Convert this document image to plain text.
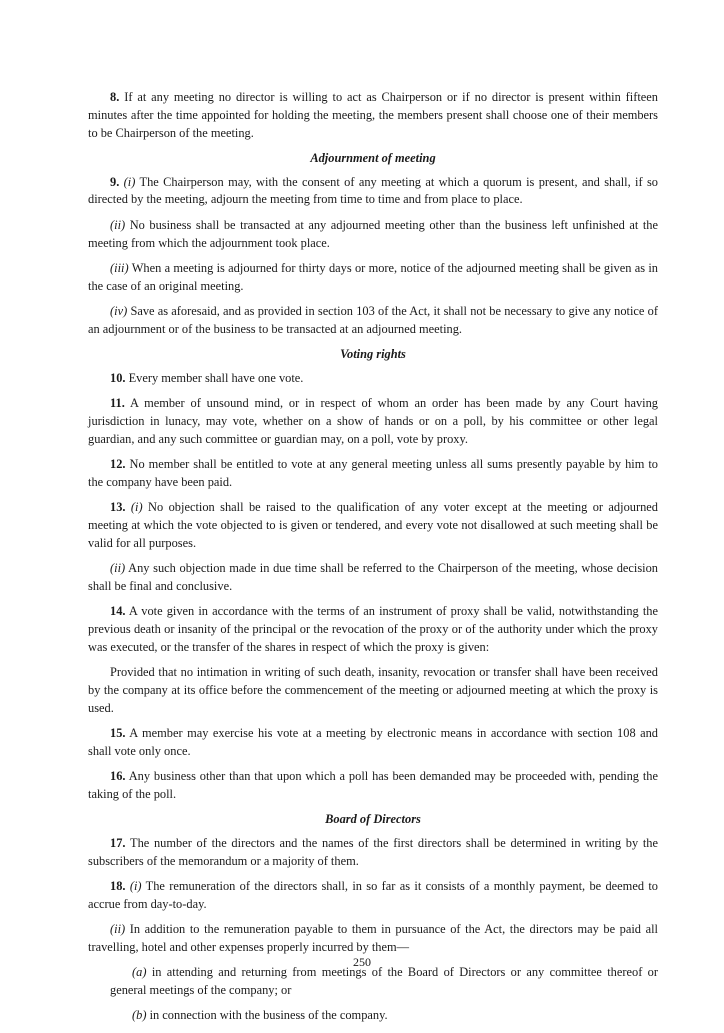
8. If at any meeting no director is willing to act as Chairperson or if no director is present within fifteen minutes after the time appointed for holding the meeting, the members present shall choose one of their members to be Chairperson of the meeting.

Adjournment of meeting

9. (i) The Chairperson may, with the consent of any meeting at which a quorum is present, and shall, if so directed by the meeting, adjourn the meeting from time to time and from place to place.

(ii) No business shall be transacted at any adjourned meeting other than the business left unfinished at the meeting from which the adjournment took place.

(iii) When a meeting is adjourned for thirty days or more, notice of the adjourned meeting shall be given as in the case of an original meeting.

(iv) Save as aforesaid, and as provided in section 103 of the Act, it shall not be necessary to give any notice of an adjournment or of the business to be transacted at an adjourned meeting.

Voting rights

10. Every member shall have one vote.

11. A member of unsound mind, or in respect of whom an order has been made by any Court having jurisdiction in lunacy, may vote, whether on a show of hands or on a poll, by his committee or other legal guardian, and any such committee or guardian may, on a poll, vote by proxy.

12. No member shall be entitled to vote at any general meeting unless all sums presently payable by him to the company have been paid.

13. (i) No objection shall be raised to the qualification of any voter except at the meeting or adjourned meeting at which the vote objected to is given or tendered, and every vote not disallowed at such meeting shall be valid for all purposes.

(ii) Any such objection made in due time shall be referred to the Chairperson of the meeting, whose decision shall be final and conclusive.

14. A vote given in accordance with the terms of an instrument of proxy shall be valid, notwithstanding the previous death or insanity of the principal or the revocation of the proxy or of the authority under which the proxy was executed, or the transfer of the shares in respect of which the proxy is given:

Provided that no intimation in writing of such death, insanity, revocation or transfer shall have been received by the company at its office before the commencement of the meeting or adjourned meeting at which the proxy is used.

15. A member may exercise his vote at a meeting by electronic means in accordance with section 108 and shall vote only once.

16. Any business other than that upon which a poll has been demanded may be proceeded with, pending the taking of the poll.

Board of Directors

17. The number of the directors and the names of the first directors shall be determined in writing by the subscribers of the memorandum or a majority of them.

18. (i) The remuneration of the directors shall, in so far as it consists of a monthly payment, be deemed to accrue from day-to-day.

(ii) In addition to the remuneration payable to them in pursuance of the Act, the directors may be paid all travelling, hotel and other expenses properly incurred by them—

(a) in attending and returning from meetings of the Board of Directors or any committee thereof or general meetings of the company; or

(b) in connection with the business of the company.

250
